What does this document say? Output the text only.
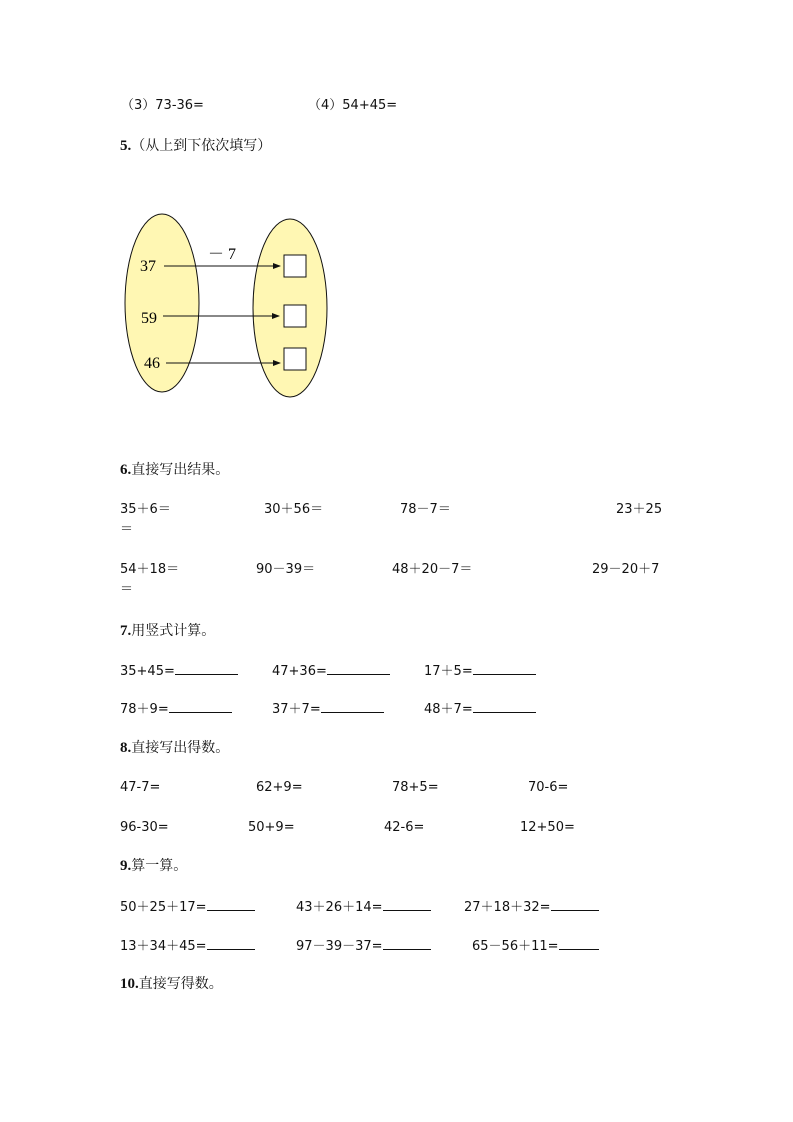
（3）73-36=	（4）54+45=
5.（从上到下依次填写）
－ 7
37
59
46
6.直接写出结果。
35＋6＝	30＋56＝	78－7＝	23＋25
＝
54＋18＝	90－39＝	48＋20－7＝	29－20＋7
＝
7.用竖式计算。
35+45=	47+36=	17＋5=
78＋9=	37＋7=	48＋7=
8.直接写出得数。
47-7=	62+9=	78+5=	70-6=
96-30=	50+9=	42-6=	12+50=
9.算一算。
50＋25＋17=	43＋26＋14=	27＋18＋32=
13＋34＋45=	97－39－37=	65－56＋11=
10.直接写得数。
